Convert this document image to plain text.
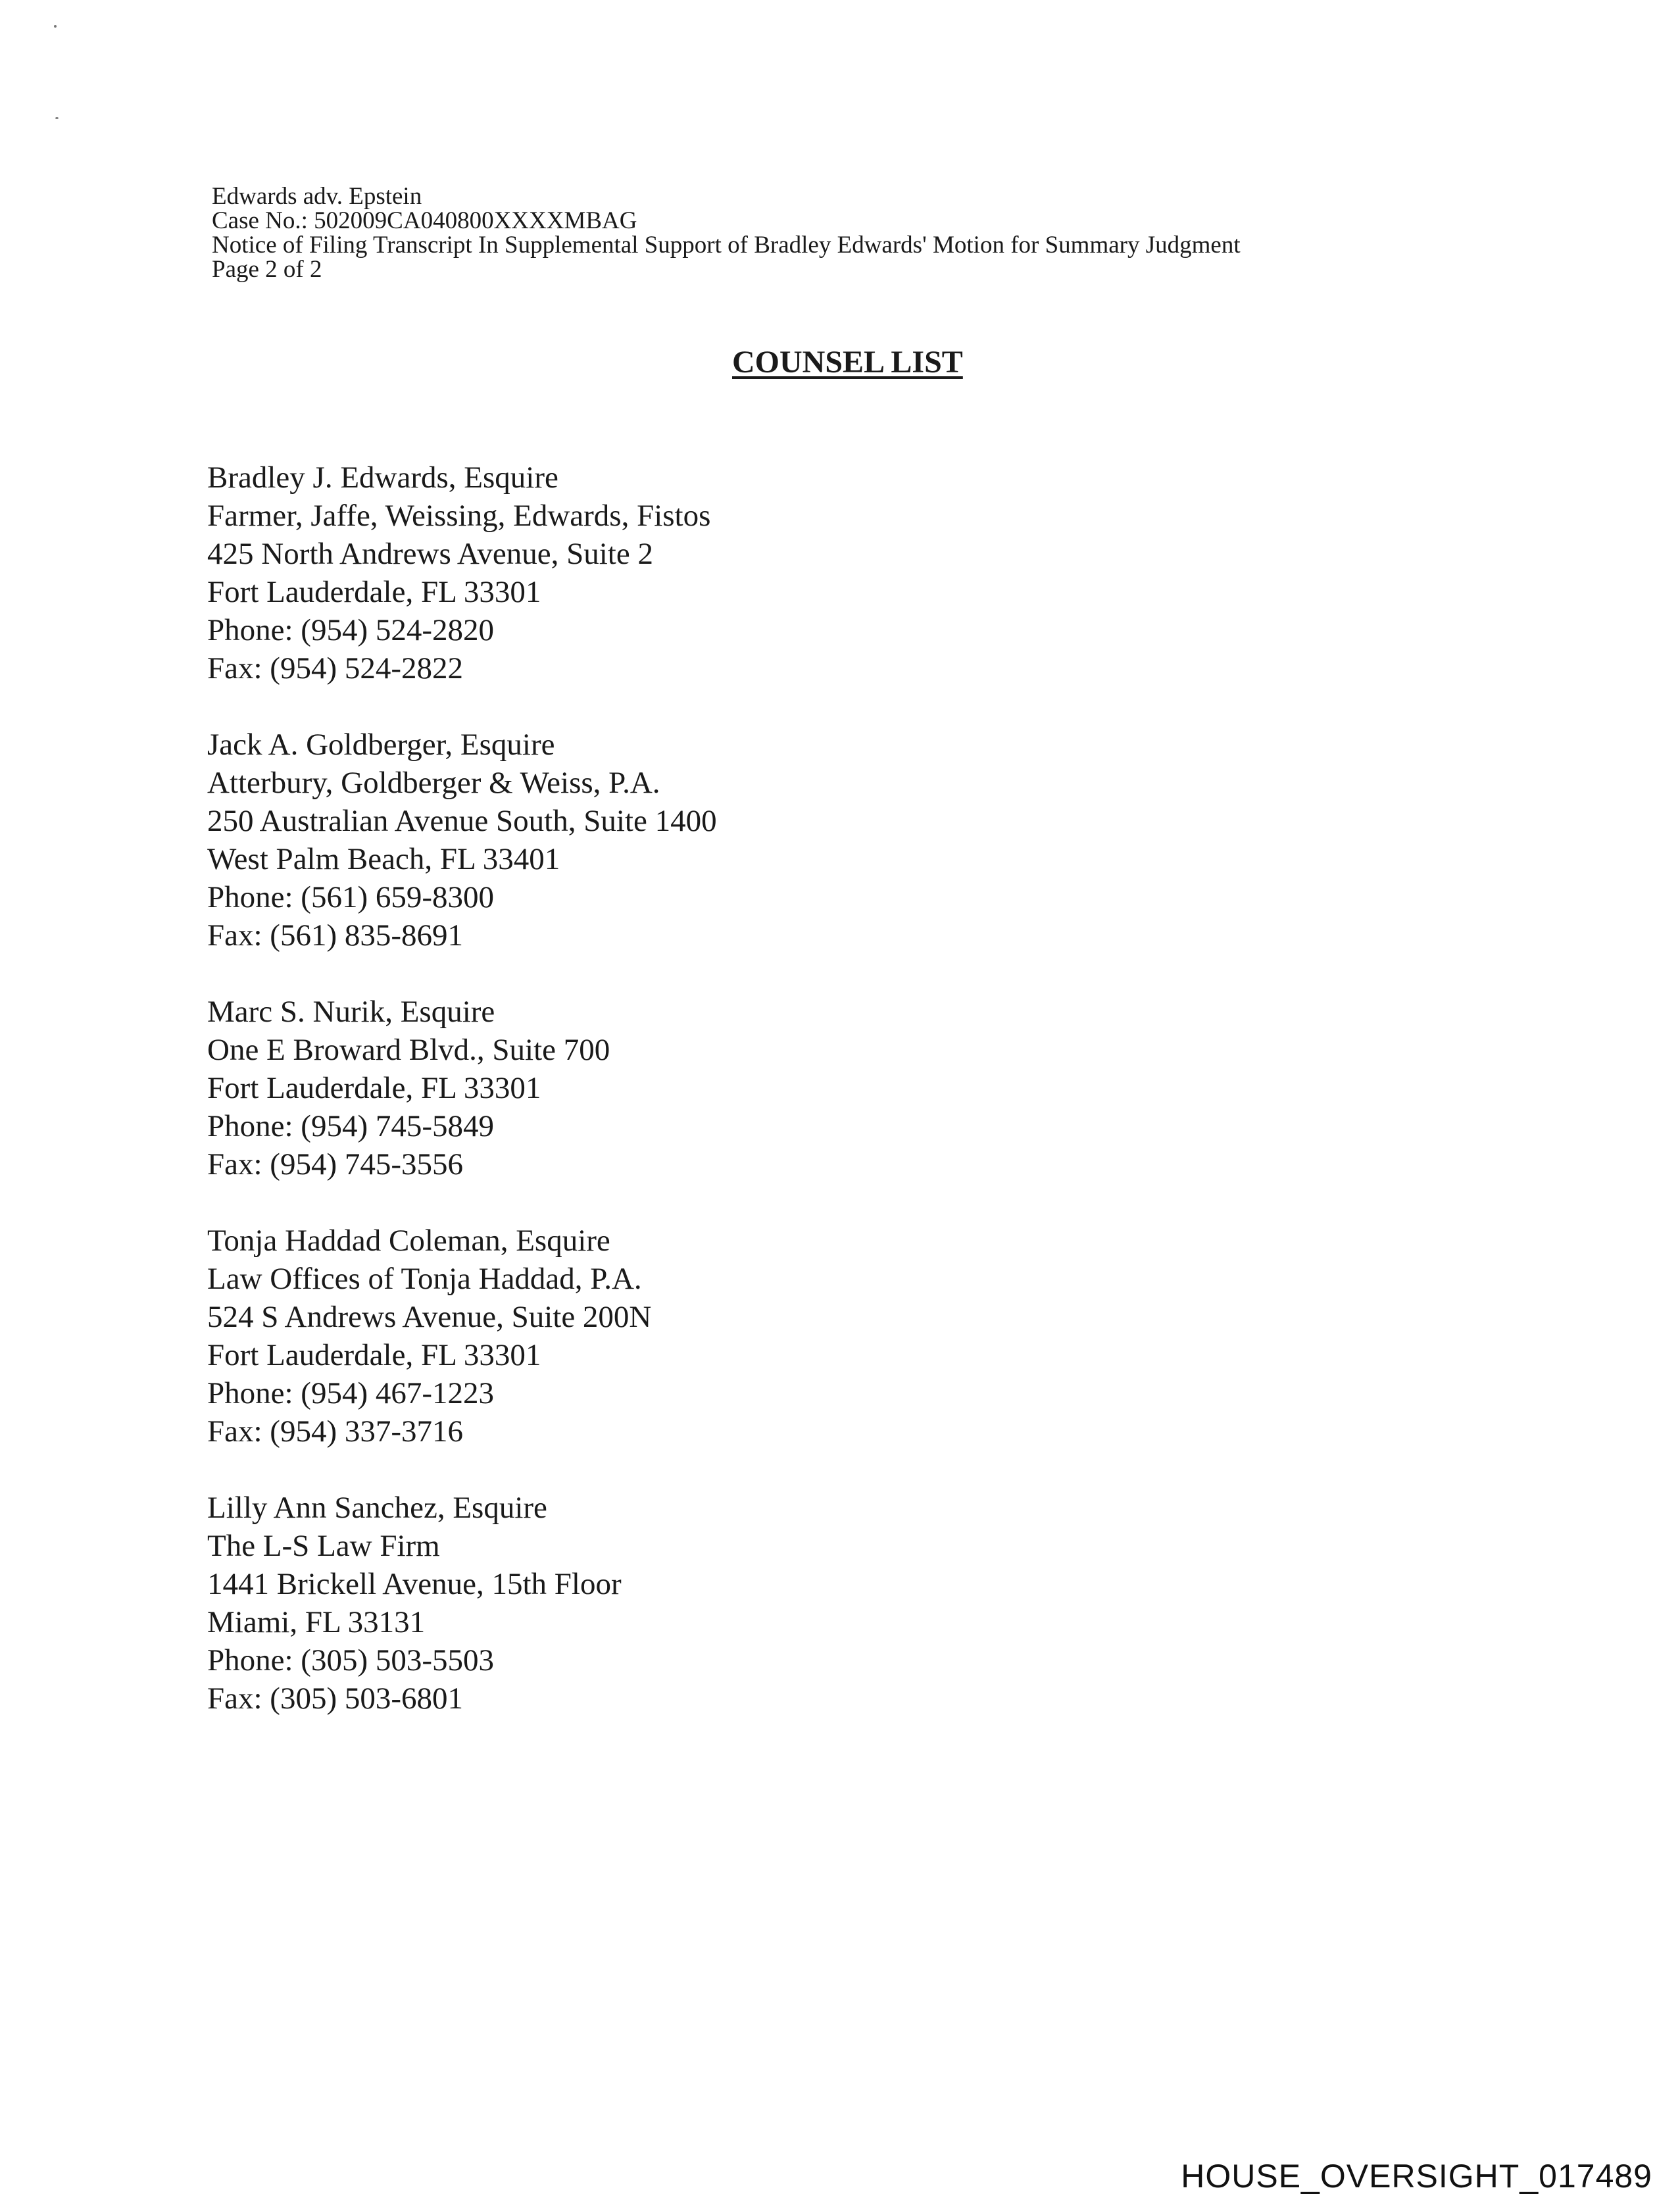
Edwards adv. Epstein
Case No.: 502009CA040800XXXXMBAG
Notice of Filing Transcript In Supplemental Support of Bradley Edwards' Motion for Summary Judgment
Page 2 of 2
COUNSEL LIST
Bradley J. Edwards, Esquire
Farmer, Jaffe, Weissing, Edwards, Fistos
425 North Andrews Avenue, Suite 2
Fort Lauderdale, FL 33301
Phone: (954) 524-2820
Fax: (954) 524-2822
Jack A. Goldberger, Esquire
Atterbury, Goldberger & Weiss, P.A.
250 Australian Avenue South, Suite 1400
West Palm Beach, FL 33401
Phone: (561) 659-8300
Fax: (561) 835-8691
Marc S. Nurik, Esquire
One E Broward Blvd., Suite 700
Fort Lauderdale, FL 33301
Phone: (954) 745-5849
Fax: (954) 745-3556
Tonja Haddad Coleman, Esquire
Law Offices of Tonja Haddad, P.A.
524 S Andrews Avenue, Suite 200N
Fort Lauderdale, FL 33301
Phone: (954) 467-1223
Fax: (954) 337-3716
Lilly Ann Sanchez, Esquire
The L-S Law Firm
1441 Brickell Avenue, 15th Floor
Miami, FL 33131
Phone: (305) 503-5503
Fax: (305) 503-6801
HOUSE_OVERSIGHT_017489
